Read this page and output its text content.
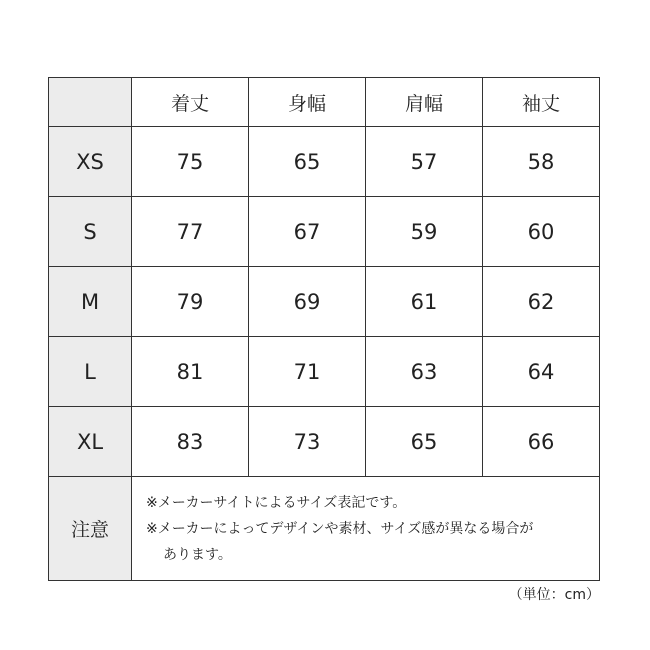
	着丈	身幅	肩幅	袖丈
XS	75	65	57	58
S	77	67	59	60
M	79	69	61	62
L	81	71	63	64
XL	83	73	65	66
注意	※メーカーサイトによるサイズ表記です。
※メーカーによってデザインや素材、サイズ感が異なる場合が
あります。			
（単位：cm）
